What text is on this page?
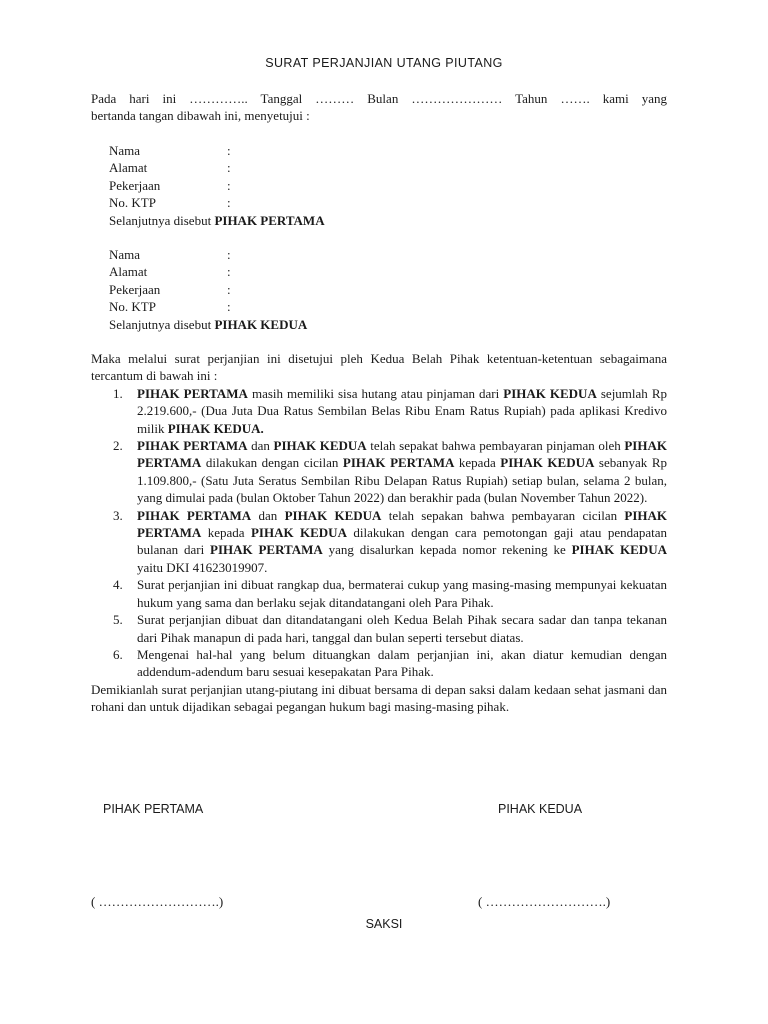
SURAT PERJANJIAN UTANG PIUTANG

Pada hari ini ………….. Tanggal ……… Bulan ………………… Tahun ……. kami yang

bertanda tangan dibawah ini, menyetujui :

Nama	:
Alamat	:
Pekerjaan	:
No. KTP	:
Selanjutnya disebut PIHAK PERTAMA
Nama	:
Alamat	:
Pekerjaan	:
No. KTP	:
Selanjutnya disebut PIHAK KEDUA

Maka melalui surat perjanjian ini disetujui pleh Kedua Belah Pihak ketentuan-ketentuan sebagaimana tercantum di bawah ini :

1.	PIHAK PERTAMA masih memiliki sisa hutang atau pinjaman dari PIHAK KEDUA sejumlah Rp 2.219.600,- (Dua Juta Dua Ratus Sembilan Belas Ribu Enam Ratus Rupiah) pada aplikasi Kredivo milik PIHAK KEDUA.
2.	PIHAK PERTAMA dan PIHAK KEDUA telah sepakat bahwa pembayaran pinjaman oleh PIHAK PERTAMA dilakukan dengan cicilan PIHAK PERTAMA kepada PIHAK KEDUA sebanyak Rp 1.109.800,- (Satu Juta Seratus Sembilan Ribu Delapan Ratus Rupiah) setiap bulan, selama 2 bulan, yang dimulai pada (bulan Oktober Tahun 2022) dan berakhir pada (bulan November Tahun 2022).
3.	PIHAK PERTAMA dan PIHAK KEDUA telah sepakan bahwa pembayaran cicilan PIHAK PERTAMA kepada PIHAK KEDUA dilakukan dengan cara pemotongan gaji atau pendapatan bulanan dari PIHAK PERTAMA yang disalurkan kepada nomor rekening ke PIHAK KEDUA yaitu DKI 41623019907.
4.	Surat perjanjian ini dibuat rangkap dua, bermaterai cukup yang masing-masing mempunyai kekuatan hukum yang sama dan berlaku sejak ditandatangani oleh Para Pihak.
5.	Surat perjanjian dibuat dan ditandatangani oleh Kedua Belah Pihak secara sadar dan tanpa tekanan dari Pihak manapun di pada hari, tanggal dan bulan seperti tersebut diatas.
6.	Mengenai hal-hal yang belum dituangkan dalam perjanjian ini, akan diatur kemudian dengan addendum-adendum baru sesuai kesepakatan Para Pihak.

Demikianlah surat perjanjian utang-piutang ini dibuat bersama di depan saksi dalam kedaan sehat jasmani dan rohani dan untuk dijadikan sebagai pegangan hukum bagi masing-masing pihak.

PIHAK PERTAMA	PIHAK KEDUA
( ……………………….)	( ……………………….)
SAKSI
